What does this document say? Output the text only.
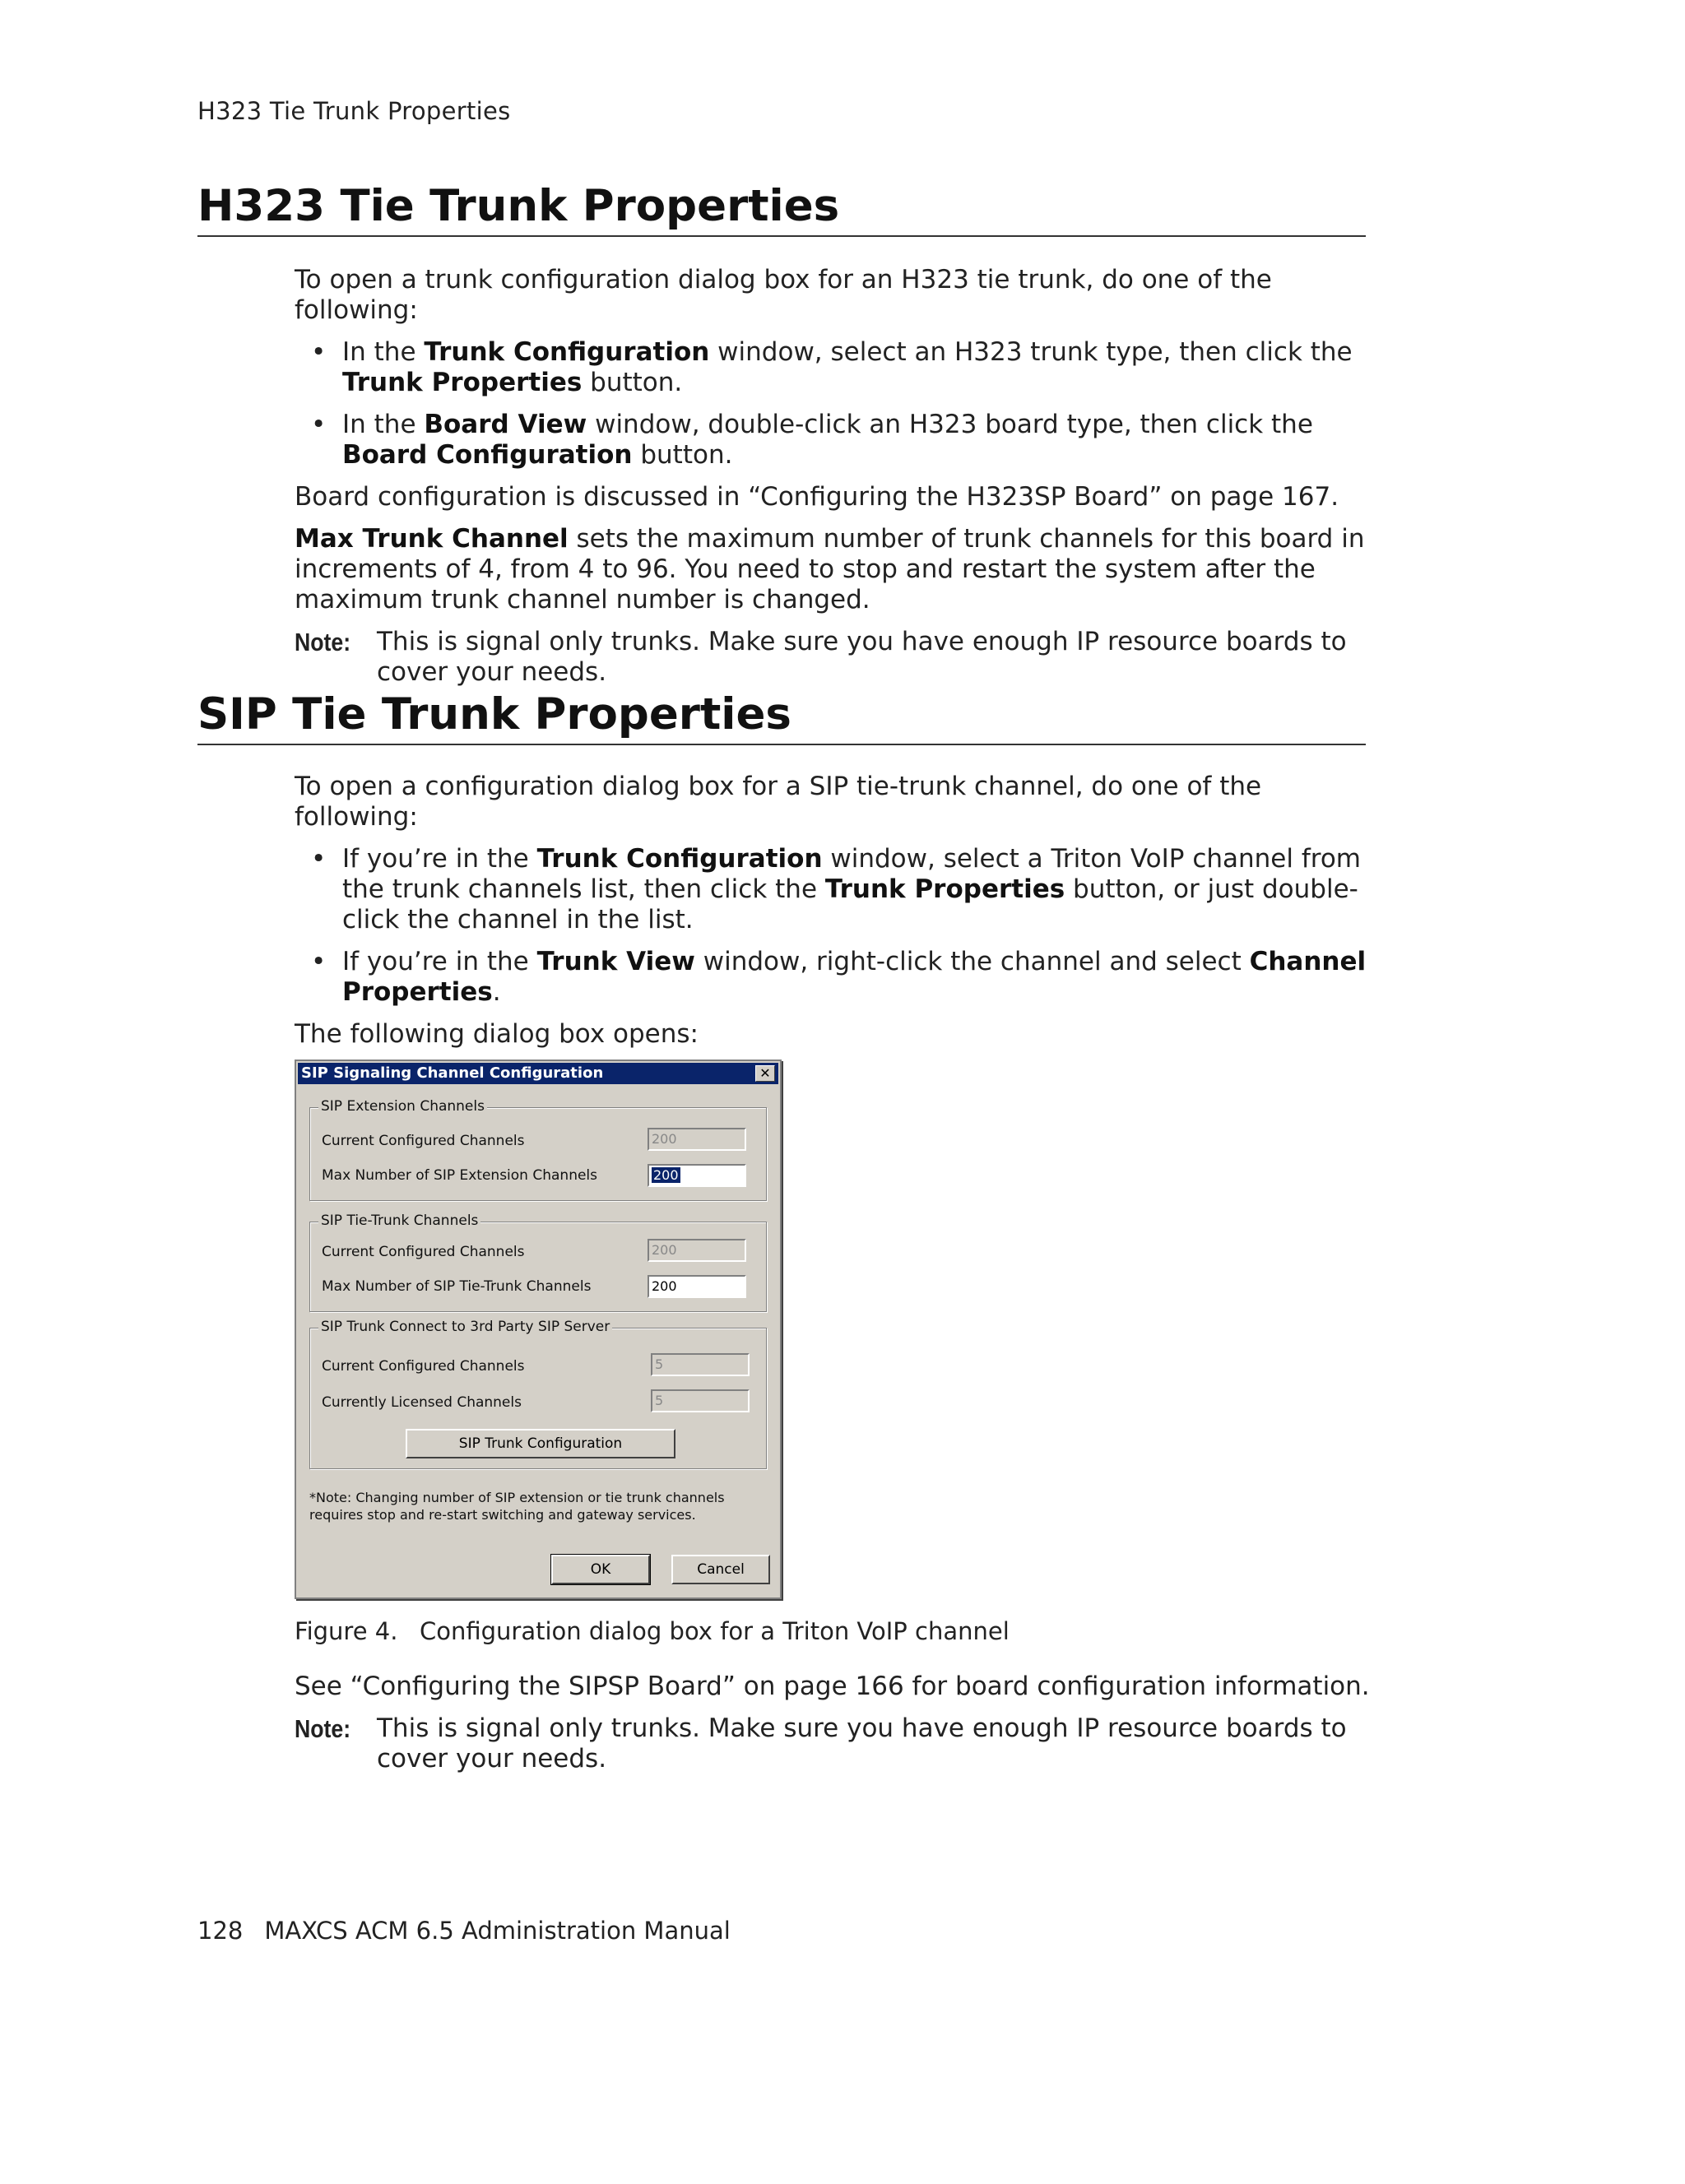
H323 Tie Trunk Properties
H323 Tie Trunk Properties

To open a trunk configuration dialog box for an H323 tie trunk, do one of the following:

• In the Trunk Configuration window, select an H323 trunk type, then click the Trunk Properties button.
• In the Board View window, double-click an H323 board type, then click the Board Configuration button.

Board configuration is discussed in “Configuring the H323SP Board” on page 167.

Max Trunk Channel sets the maximum number of trunk channels for this board in increments of 4, from 4 to 96. You need to stop and restart the system after the maximum trunk channel number is changed.

Note: This is signal only trunks. Make sure you have enough IP resource boards to cover your needs.
SIP Tie Trunk Properties

To open a configuration dialog box for a SIP tie-trunk channel, do one of the following:

• If you’re in the Trunk Configuration window, select a Triton VoIP channel from the trunk channels list, then click the Trunk Properties button, or just double-click the channel in the list.
• If you’re in the Trunk View window, right-click the channel and select Channel Properties.

The following dialog box opens:

SIP Signaling Channel Configuration	✕
SIP Extension Channels
Current Configured Channels	200
Max Number of SIP Extension Channels	200
SIP Tie-Trunk Channels
Current Configured Channels	200
Max Number of SIP Tie-Trunk Channels	200
SIP Trunk Connect to 3rd Party SIP Server
Current Configured Channels	5
Currently Licensed Channels	5
SIP Trunk Configuration
*Note: Changing number of SIP extension or tie trunk channels requires stop and re-start switching and gateway services.
OK	Cancel
Figure 4. Configuration dialog box for a Triton VoIP channel

See “Configuring the SIPSP Board” on page 166 for board configuration information.

Note: This is signal only trunks. Make sure you have enough IP resource boards to cover your needs.
128 MAXCS ACM 6.5 Administration Manual
